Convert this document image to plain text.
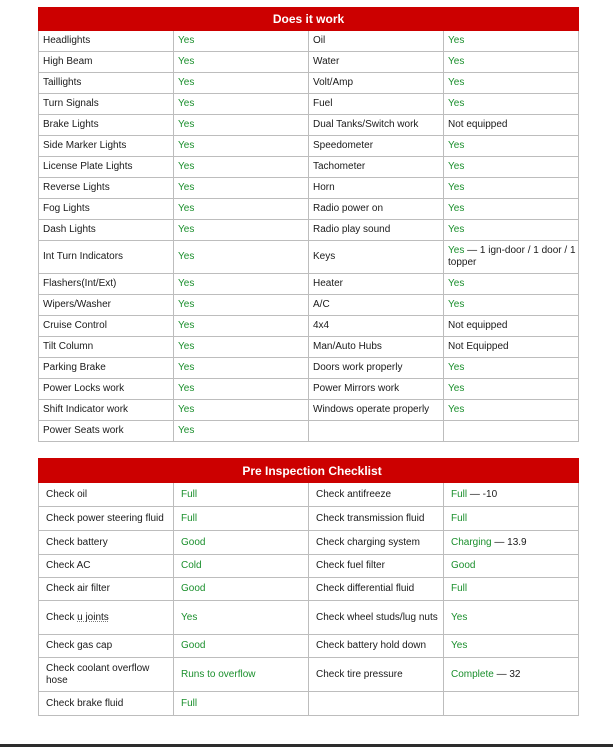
Does it work			
Headlights	Yes	Oil	Yes
High Beam	Yes	Water	Yes
Taillights	Yes	Volt/Amp	Yes
Turn Signals	Yes	Fuel	Yes
Brake Lights	Yes	Dual Tanks/Switch work	Not equipped
Side Marker Lights	Yes	Speedometer	Yes
License Plate Lights	Yes	Tachometer	Yes
Reverse Lights	Yes	Horn	Yes
Fog Lights	Yes	Radio power on	Yes
Dash Lights	Yes	Radio play sound	Yes
Int Turn Indicators	Yes	Keys	Yes — 1 ign-door / 1 door / 1 topper
Flashers(Int/Ext)	Yes	Heater	Yes
Wipers/Washer	Yes	A/C	Yes
Cruise Control	Yes	4x4	Not equipped
Tilt Column	Yes	Man/Auto Hubs	Not Equipped
Parking Brake	Yes	Doors work properly	Yes
Power Locks work	Yes	Power Mirrors work	Yes
Shift Indicator work	Yes	Windows operate properly	Yes
Power Seats work	Yes		
Pre Inspection Checklist			
Check oil	Full	Check antifreeze	Full — -10
Check power steering fluid	Full	Check transmission fluid	Full
Check battery	Good	Check charging system	Charging — 13.9
Check AC	Cold	Check fuel filter	Good
Check air filter	Good	Check differential fluid	Full
Check u joints	Yes	Check wheel studs/lug nuts	Yes
Check gas cap	Good	Check battery hold down	Yes
Check coolant overflow hose	Runs to overflow	Check tire pressure	Complete — 32
Check brake fluid	Full		
